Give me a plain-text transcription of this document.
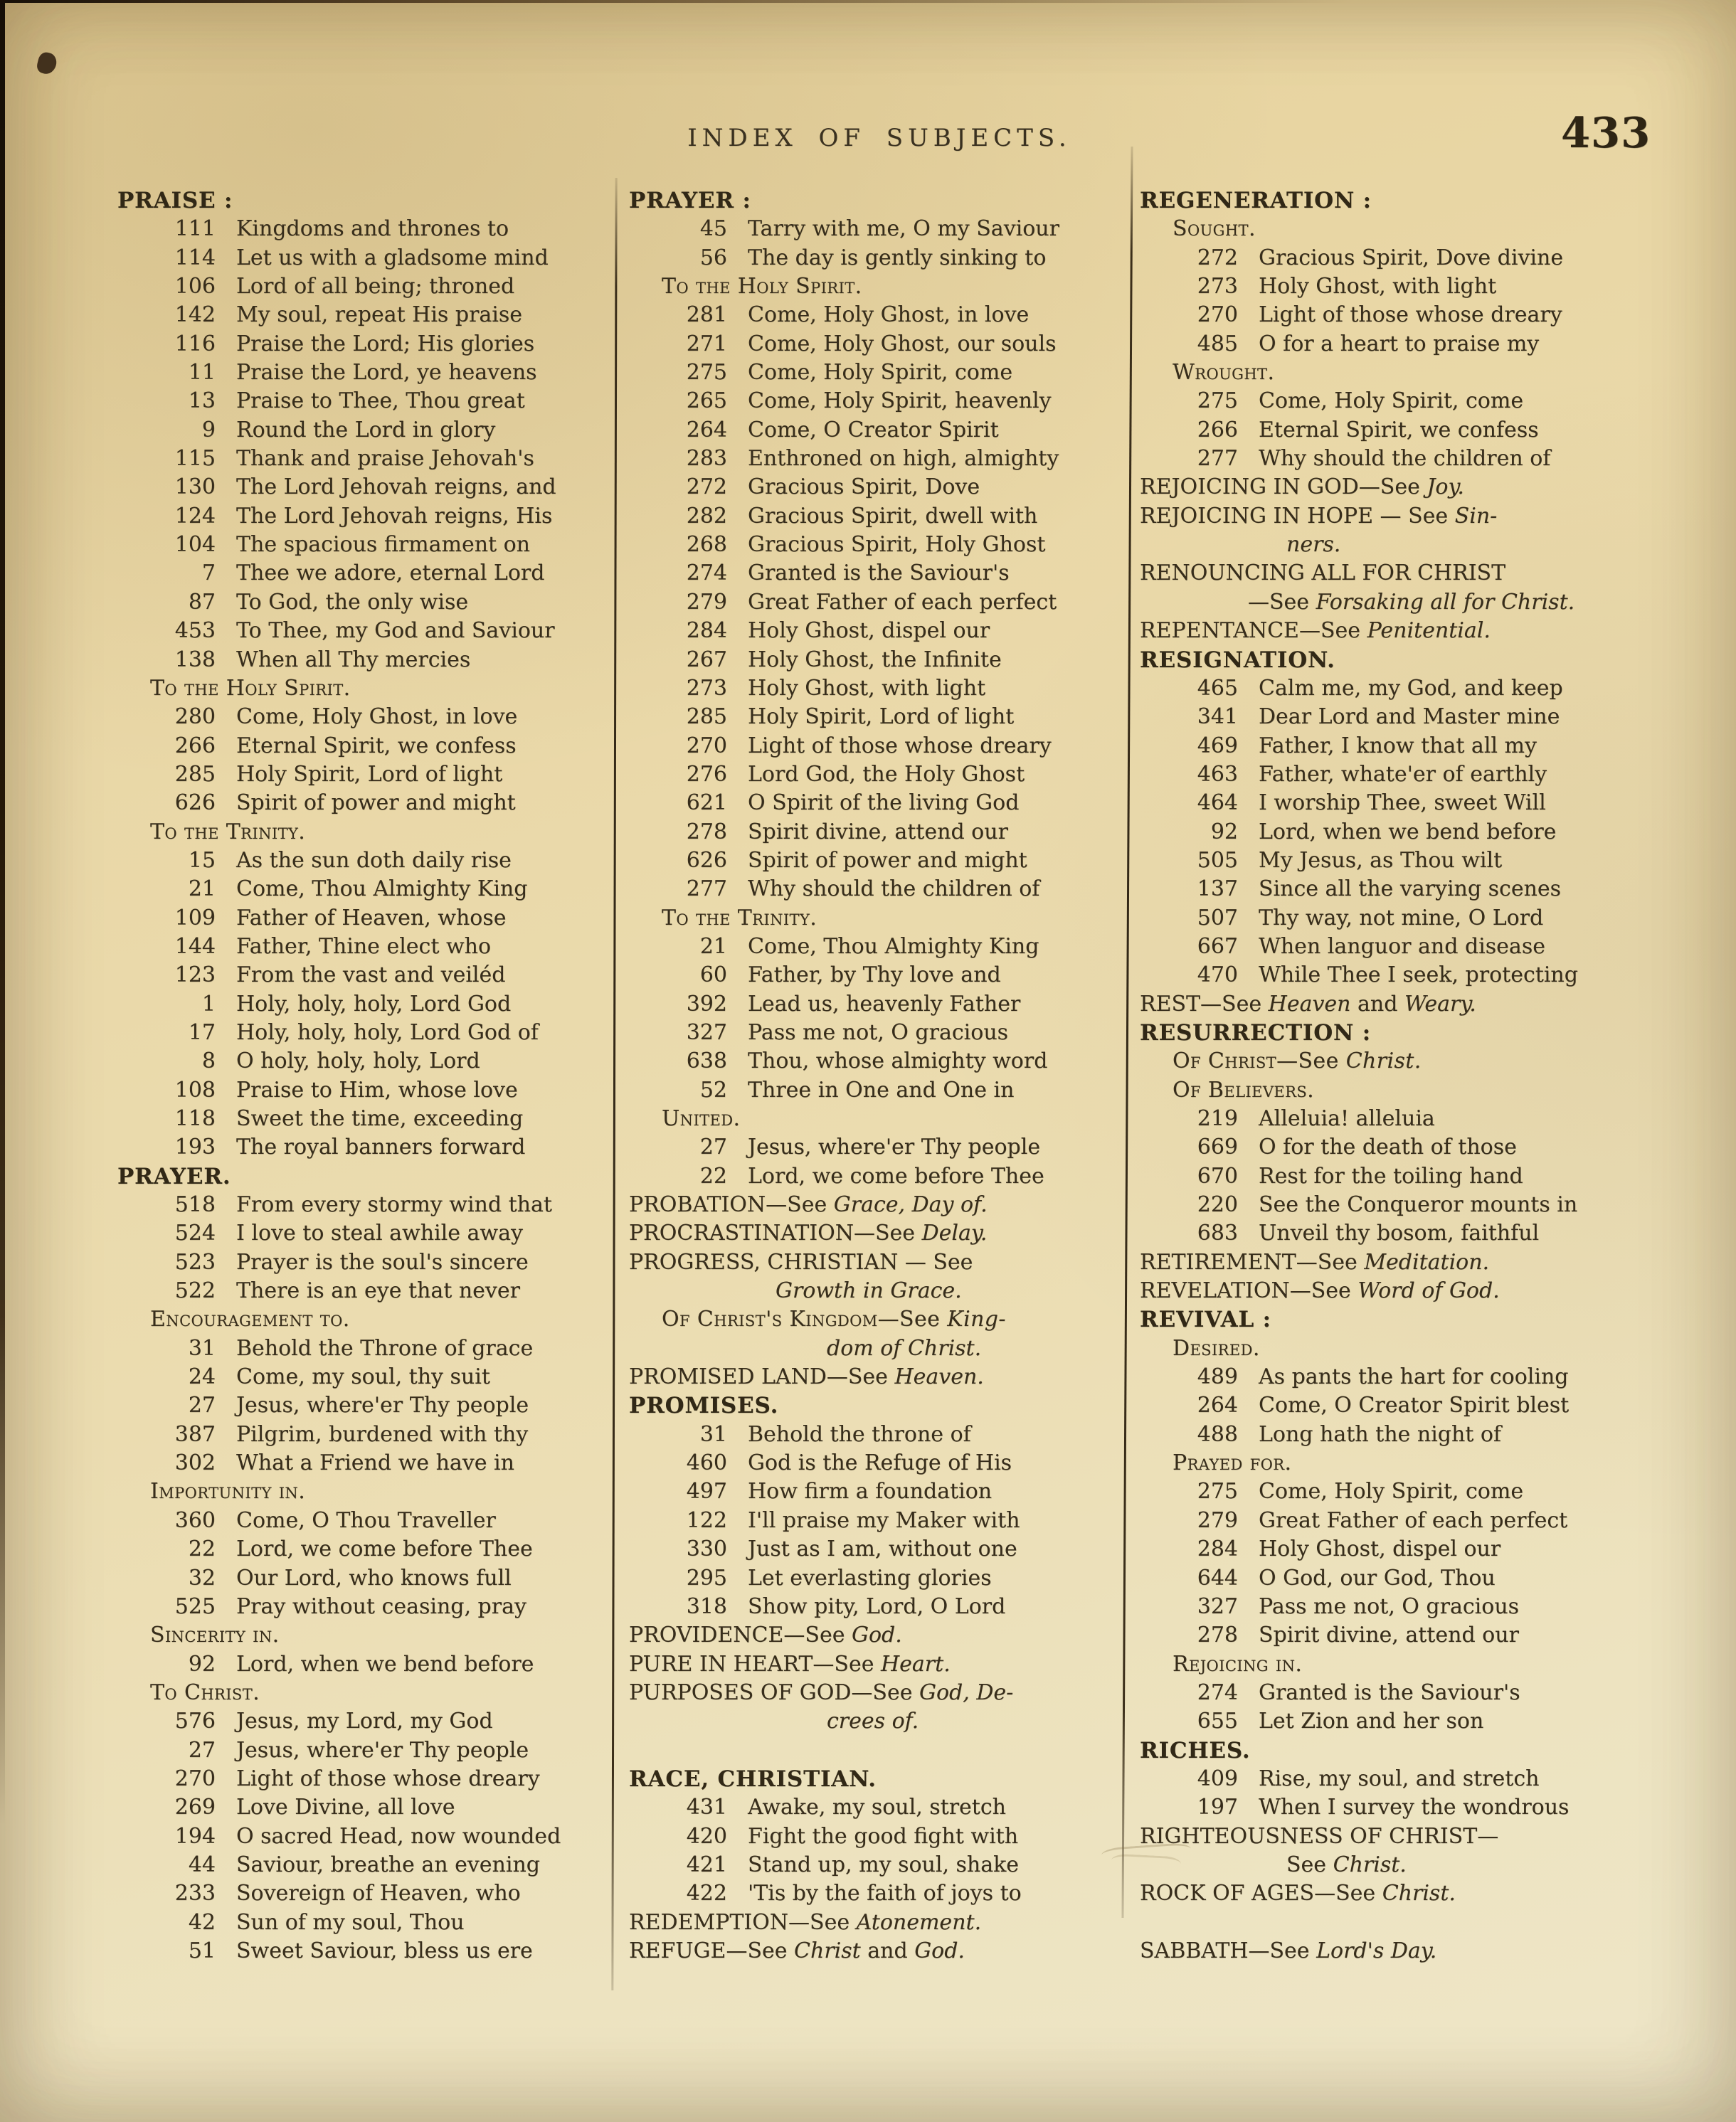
INDEX OF SUBJECTS.	433
PRAISE :
111 Kingdoms and thrones to
114 Let us with a gladsome mind
106 Lord of all being; throned
142 My soul, repeat His praise
116 Praise the Lord; His glories
11 Praise the Lord, ye heavens
13 Praise to Thee, Thou great
9 Round the Lord in glory
115 Thank and praise Jehovah's
130 The Lord Jehovah reigns, and
124 The Lord Jehovah reigns, His
104 The spacious firmament on
7 Thee we adore, eternal Lord
87 To God, the only wise
453 To Thee, my God and Saviour
138 When all Thy mercies
To the Holy Spirit.
280 Come, Holy Ghost, in love
266 Eternal Spirit, we confess
285 Holy Spirit, Lord of light
626 Spirit of power and might
To the Trinity.
15 As the sun doth daily rise
21 Come, Thou Almighty King
109 Father of Heaven, whose
144 Father, Thine elect who
123 From the vast and veiléd
1 Holy, holy, holy, Lord God
17 Holy, holy, holy, Lord God of
8 O holy, holy, holy, Lord
108 Praise to Him, whose love
118 Sweet the time, exceeding
193 The royal banners forward
PRAYER.
518 From every stormy wind that
524 I love to steal awhile away
523 Prayer is the soul's sincere
522 There is an eye that never
Encouragement to.
31 Behold the Throne of grace
24 Come, my soul, thy suit
27 Jesus, where'er Thy people
387 Pilgrim, burdened with thy
302 What a Friend we have in
Importunity in.
360 Come, O Thou Traveller
22 Lord, we come before Thee
32 Our Lord, who knows full
525 Pray without ceasing, pray
Sincerity in.
92 Lord, when we bend before
To Christ.
576 Jesus, my Lord, my God
27 Jesus, where'er Thy people
270 Light of those whose dreary
269 Love Divine, all love
194 O sacred Head, now wounded
44 Saviour, breathe an evening
233 Sovereign of Heaven, who
42 Sun of my soul, Thou
51 Sweet Saviour, bless us ere
PRAYER :
45 Tarry with me, O my Saviour
56 The day is gently sinking to
To the Holy Spirit.
281 Come, Holy Ghost, in love
271 Come, Holy Ghost, our souls
275 Come, Holy Spirit, come
265 Come, Holy Spirit, heavenly
264 Come, O Creator Spirit
283 Enthroned on high, almighty
272 Gracious Spirit, Dove
282 Gracious Spirit, dwell with
268 Gracious Spirit, Holy Ghost
274 Granted is the Saviour's
279 Great Father of each perfect
284 Holy Ghost, dispel our
267 Holy Ghost, the Infinite
273 Holy Ghost, with light
285 Holy Spirit, Lord of light
270 Light of those whose dreary
276 Lord God, the Holy Ghost
621 O Spirit of the living God
278 Spirit divine, attend our
626 Spirit of power and might
277 Why should the children of
To the Trinity.
21 Come, Thou Almighty King
60 Father, by Thy love and
392 Lead us, heavenly Father
327 Pass me not, O gracious
638 Thou, whose almighty word
52 Three in One and One in
United.
27 Jesus, where'er Thy people
22 Lord, we come before Thee
PROBATION—See Grace, Day of.
PROCRASTINATION—See Delay.
PROGRESS, CHRISTIAN — See
Growth in Grace.
Of Christ's Kingdom—See King-
dom of Christ.
PROMISED LAND—See Heaven.
PROMISES.
31 Behold the throne of
460 God is the Refuge of His
497 How firm a foundation
122 I'll praise my Maker with
330 Just as I am, without one
295 Let everlasting glories
318 Show pity, Lord, O Lord
PROVIDENCE—See God.
PURE IN HEART—See Heart.
PURPOSES OF GOD—See God, De-
crees of.
RACE, CHRISTIAN.
431 Awake, my soul, stretch
420 Fight the good fight with
421 Stand up, my soul, shake
422 'Tis by the faith of joys to
REDEMPTION—See Atonement.
REFUGE—See Christ and God.
REGENERATION :
Sought.
272 Gracious Spirit, Dove divine
273 Holy Ghost, with light
270 Light of those whose dreary
485 O for a heart to praise my
Wrought.
275 Come, Holy Spirit, come
266 Eternal Spirit, we confess
277 Why should the children of
REJOICING IN GOD—See Joy.
REJOICING IN HOPE — See Sin-
ners.
RENOUNCING ALL FOR CHRIST
—See Forsaking all for Christ.
REPENTANCE—See Penitential.
RESIGNATION.
465 Calm me, my God, and keep
341 Dear Lord and Master mine
469 Father, I know that all my
463 Father, whate'er of earthly
464 I worship Thee, sweet Will
92 Lord, when we bend before
505 My Jesus, as Thou wilt
137 Since all the varying scenes
507 Thy way, not mine, O Lord
667 When languor and disease
470 While Thee I seek, protecting
REST—See Heaven and Weary.
RESURRECTION :
Of Christ—See Christ.
Of Believers.
219 Alleluia! alleluia
669 O for the death of those
670 Rest for the toiling hand
220 See the Conqueror mounts in
683 Unveil thy bosom, faithful
RETIREMENT—See Meditation.
REVELATION—See Word of God.
REVIVAL :
Desired.
489 As pants the hart for cooling
264 Come, O Creator Spirit blest
488 Long hath the night of
Prayed for.
275 Come, Holy Spirit, come
279 Great Father of each perfect
284 Holy Ghost, dispel our
644 O God, our God, Thou
327 Pass me not, O gracious
278 Spirit divine, attend our
Rejoicing in.
274 Granted is the Saviour's
655 Let Zion and her son
RICHES.
409 Rise, my soul, and stretch
197 When I survey the wondrous
RIGHTEOUSNESS OF CHRIST—
See Christ.
ROCK OF AGES—See Christ.
SABBATH—See Lord's Day.
